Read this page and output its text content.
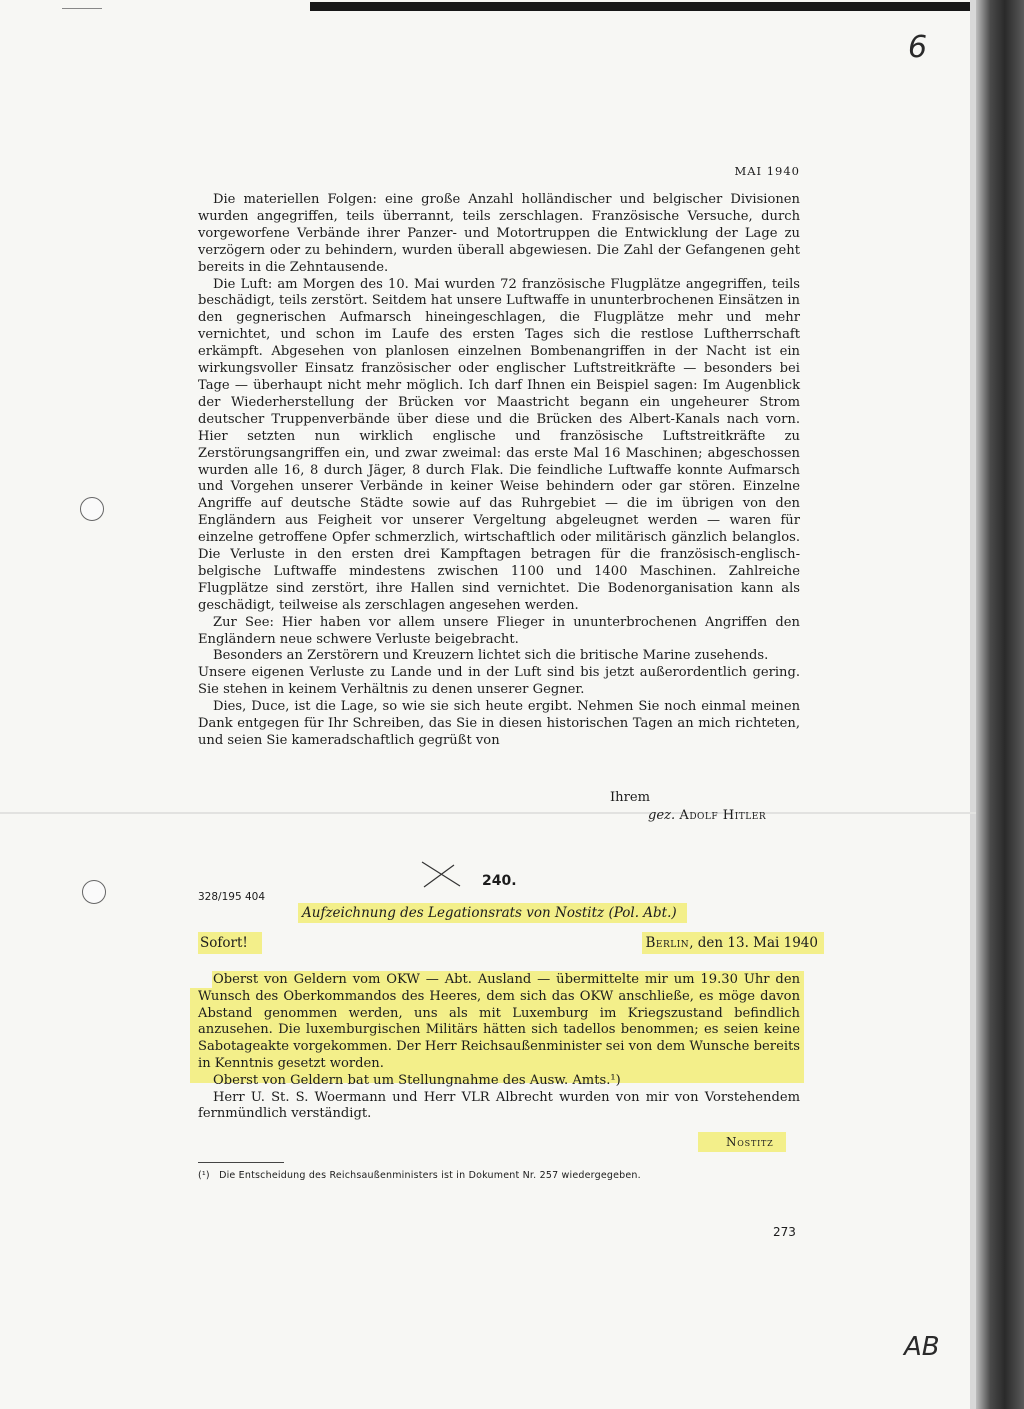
6
AB
MAI 1940

Die materiellen Folgen: eine große Anzahl holländischer und belgischer Divisionen wurden angegriffen, teils überrannt, teils zerschlagen. Französische Versuche, durch vorgeworfene Verbände ihrer Panzer- und Motortruppen die Entwicklung der Lage zu verzögern oder zu behindern, wurden überall abgewiesen. Die Zahl der Gefangenen geht bereits in die Zehntausende.

Die Luft: am Morgen des 10. Mai wurden 72 französische Flugplätze angegriffen, teils beschädigt, teils zerstört. Seitdem hat unsere Luftwaffe in ununterbrochenen Einsätzen in den gegnerischen Aufmarsch hineingeschlagen, die Flugplätze mehr und mehr vernichtet, und schon im Laufe des ersten Tages sich die restlose Luftherrschaft erkämpft. Abgesehen von planlosen einzelnen Bombenangriffen in der Nacht ist ein wirkungsvoller Einsatz französischer oder englischer Luftstreitkräfte — besonders bei Tage — überhaupt nicht mehr möglich. Ich darf Ihnen ein Beispiel sagen: Im Augenblick der Wiederherstellung der Brücken vor Maastricht begann ein ungeheurer Strom deutscher Truppenverbände über diese und die Brücken des Albert-Kanals nach vorn. Hier setzten nun wirklich englische und französische Luftstreitkräfte zu Zerstörungsangriffen ein, und zwar zweimal: das erste Mal 16 Maschinen; abgeschossen wurden alle 16, 8 durch Jäger, 8 durch Flak. Die feindliche Luftwaffe konnte Aufmarsch und Vorgehen unserer Verbände in keiner Weise behindern oder gar stören. Einzelne Angriffe auf deutsche Städte sowie auf das Ruhrgebiet — die im übrigen von den Engländern aus Feigheit vor unserer Vergeltung abgeleugnet werden — waren für einzelne getroffene Opfer schmerzlich, wirtschaftlich oder militärisch gänzlich belanglos. Die Verluste in den ersten drei Kampftagen betragen für die französisch-englisch-belgische Luftwaffe mindestens zwischen 1100 und 1400 Maschinen. Zahlreiche Flugplätze sind zerstört, ihre Hallen sind vernichtet. Die Bodenorganisation kann als geschädigt, teilweise als zerschlagen angesehen werden.

Zur See: Hier haben vor allem unsere Flieger in ununterbrochenen Angriffen den Engländern neue schwere Verluste beigebracht.

Besonders an Zerstörern und Kreuzern lichtet sich die britische Marine zusehends.

Unsere eigenen Verluste zu Lande und in der Luft sind bis jetzt außerordentlich gering. Sie stehen in keinem Verhältnis zu denen unserer Gegner.

Dies, Duce, ist die Lage, so wie sie sich heute ergibt. Nehmen Sie noch einmal meinen Dank entgegen für Ihr Schreiben, das Sie in diesen historischen Tagen an mich richteten, und seien Sie kameradschaftlich gegrüßt von

Ihrem
gez. Adolf Hitler
240.
328/195 404
Aufzeichnung des Legationsrats von Nostitz (Pol. Abt.)
Sofort!	Berlin, den 13. Mai 1940

Oberst von Geldern vom OKW — Abt. Ausland — übermittelte mir um 19.30 Uhr den Wunsch des Oberkommandos des Heeres, dem sich das OKW anschließe, es möge davon Abstand genommen werden, uns als mit Luxemburg im Kriegszustand befindlich anzusehen. Die luxemburgischen Militärs hätten sich tadellos benommen; es seien keine Sabotageakte vorgekommen. Der Herr Reichsaußenminister sei von dem Wunsche bereits in Kenntnis gesetzt worden.

Oberst von Geldern bat um Stellungnahme des Ausw. Amts.¹)

Herr U. St. S. Woermann und Herr VLR Albrecht wurden von mir von Vorstehendem fernmündlich verständigt.

Nostitz
(¹) Die Entscheidung des Reichsaußenministers ist in Dokument Nr. 257 wiedergegeben.
273
